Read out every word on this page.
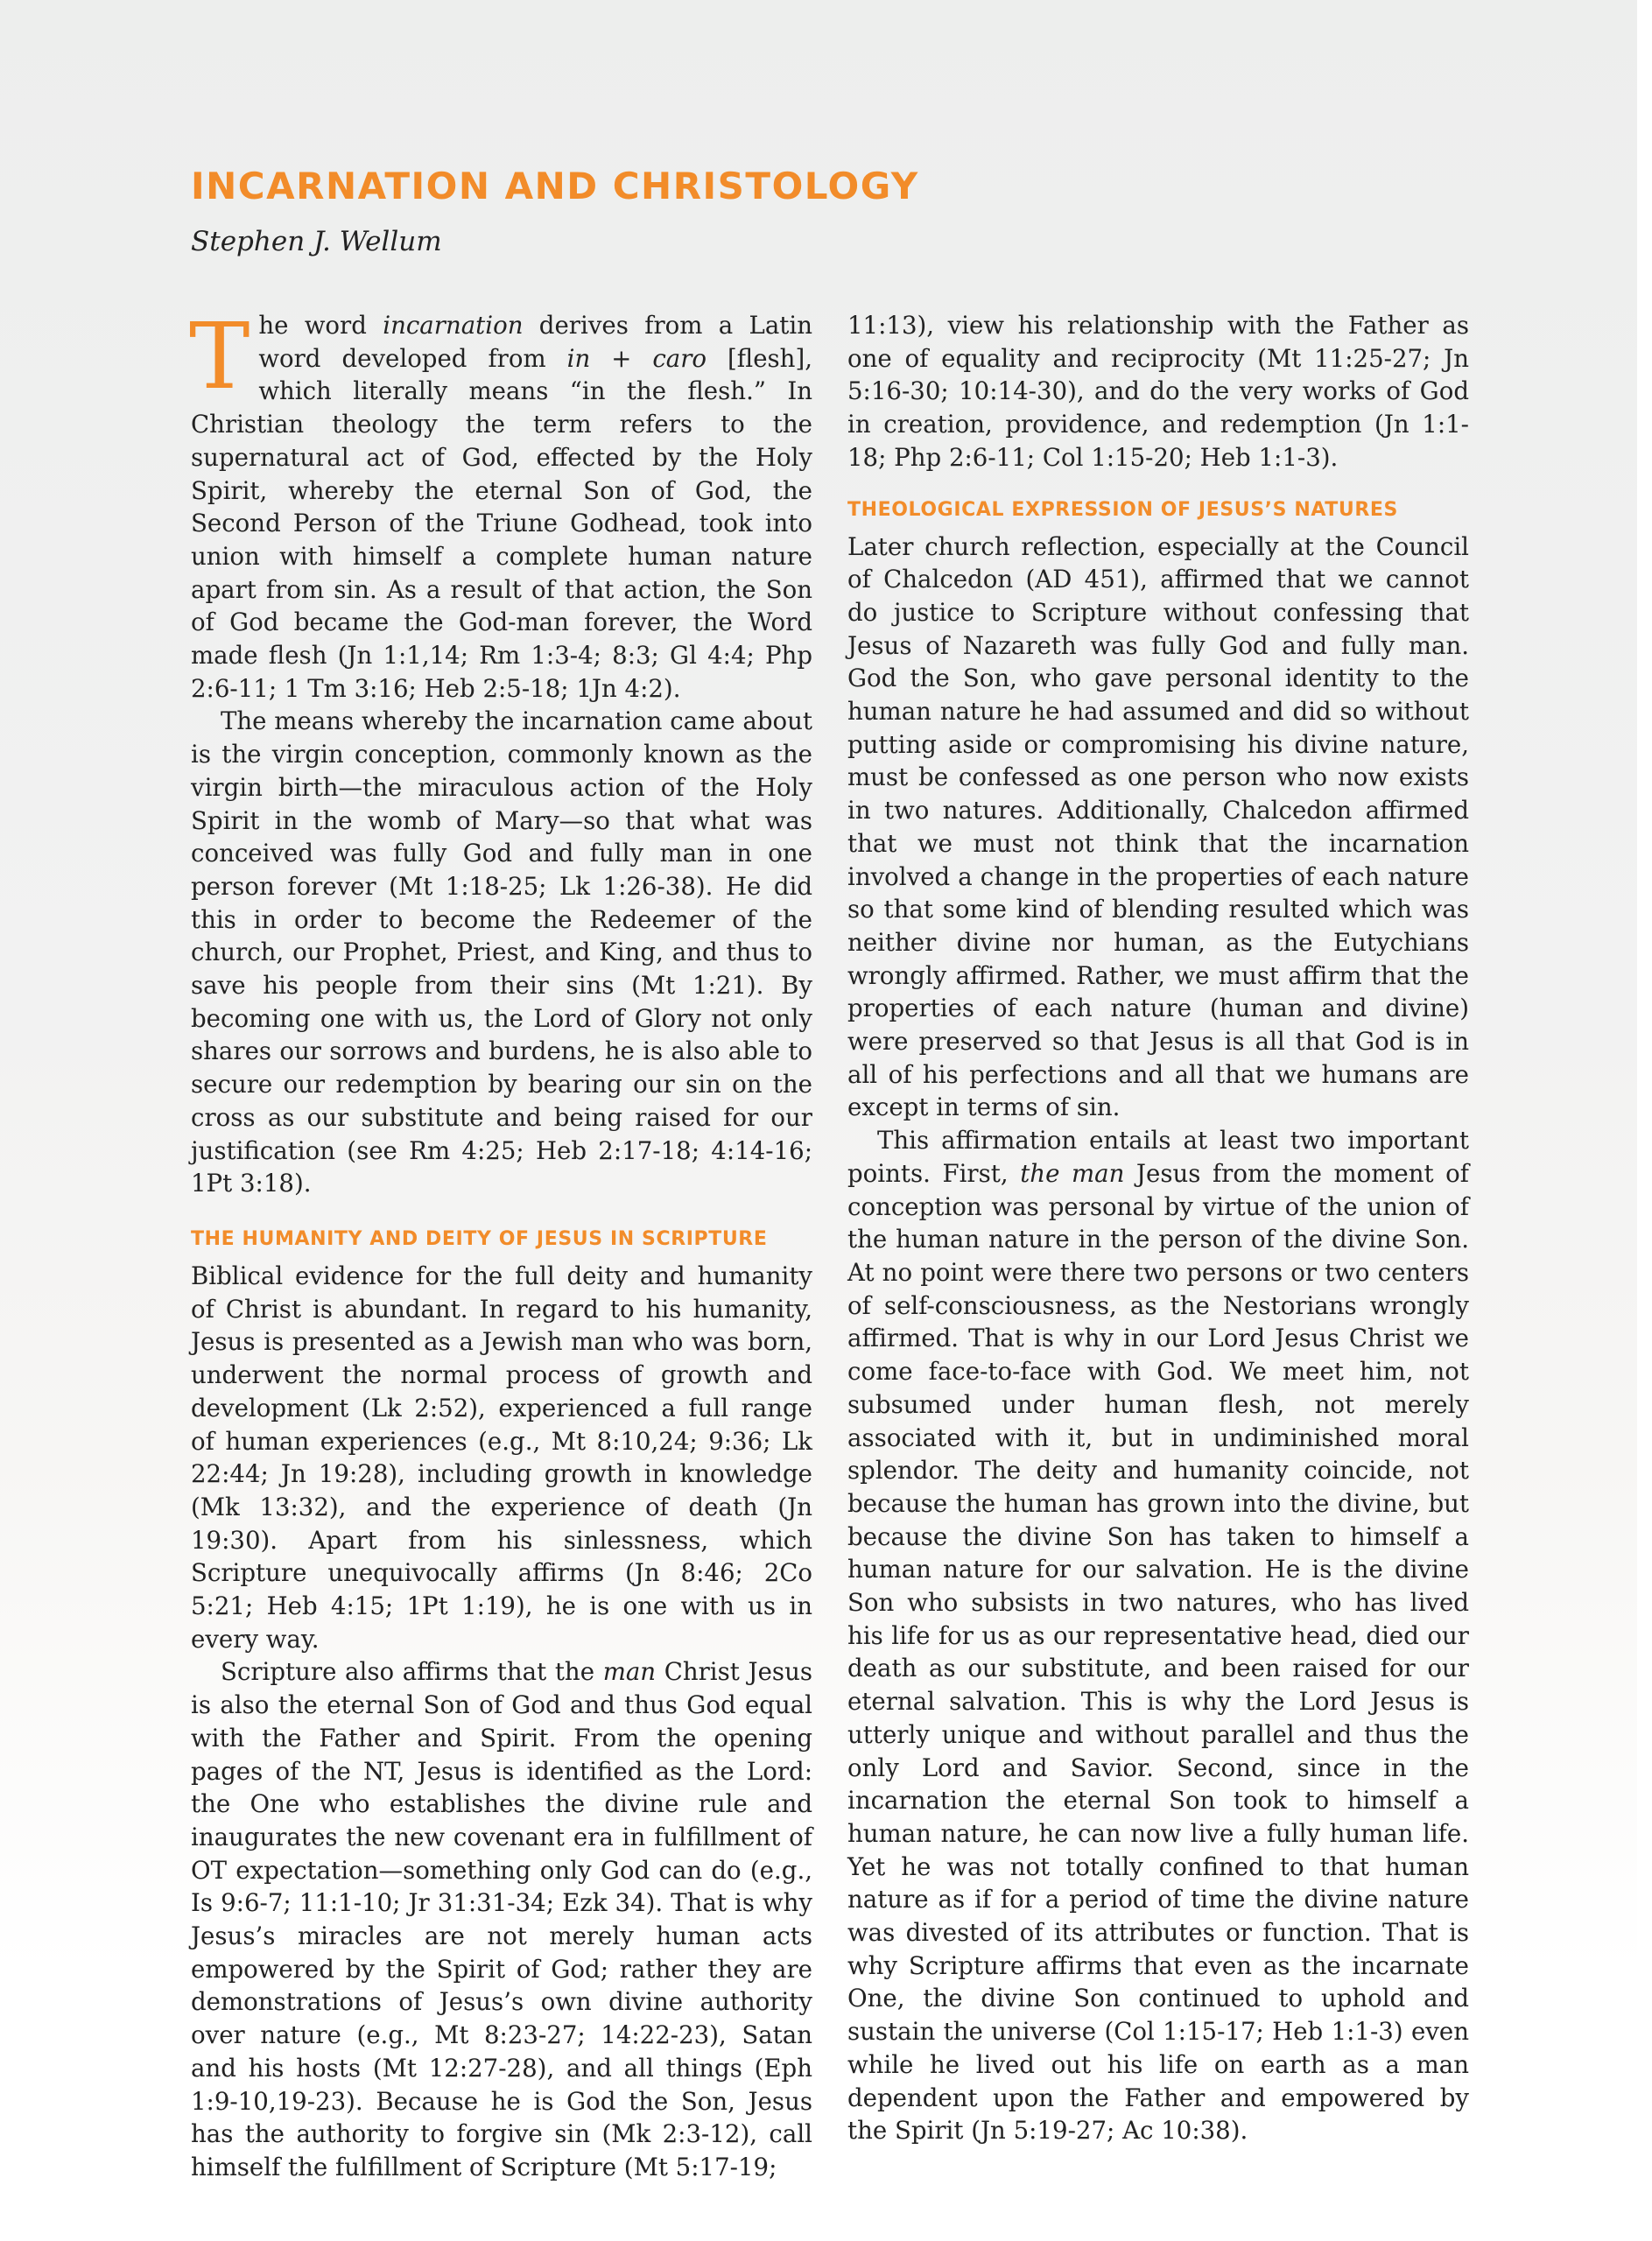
INCARNATION AND CHRISTOLOGY

Stephen J. Wellum

The word incarnation derives from a Latin word developed from in + caro [flesh], which literally means “in the flesh.” In Christian theology the term refers to the supernatural act of God, effected by the Holy Spirit, whereby the eternal Son of God, the Second Person of the Triune Godhead, took into union with himself a complete human nature apart from sin. As a result of that action, the Son of God became the God-man forever, the Word made flesh (Jn 1:1,14; Rm 1:3-4; 8:3; Gl 4:4; Php 2:6-11; 1 Tm 3:16; Heb 2:5-18; 1Jn 4:2).

The means whereby the incarnation came about is the virgin conception, commonly known as the virgin birth—the miraculous action of the Holy Spirit in the womb of Mary—so that what was conceived was fully God and fully man in one person forever (Mt 1:18-25; Lk 1:26-38). He did this in order to become the Redeemer of the church, our Prophet, Priest, and King, and thus to save his people from their sins (Mt 1:21). By becoming one with us, the Lord of Glory not only shares our sorrows and burdens, he is also able to secure our redemption by bearing our sin on the cross as our substitute and being raised for our justification (see Rm 4:25; Heb 2:17-18; 4:14-16; 1Pt 3:18).

THE HUMANITY AND DEITY OF JESUS IN SCRIPTURE

Biblical evidence for the full deity and humanity of Christ is abundant. In regard to his humanity, Jesus is presented as a Jewish man who was born, underwent the normal process of growth and development (Lk 2:52), experienced a full range of human experiences (e.g., Mt 8:10,24; 9:36; Lk 22:44; Jn 19:28), including growth in knowledge (Mk 13:32), and the experience of death (Jn 19:30). Apart from his sinlessness, which Scripture unequivocally affirms (Jn 8:46; 2Co 5:21; Heb 4:15; 1Pt 1:19), he is one with us in every way.

Scripture also affirms that the man Christ Jesus is also the eternal Son of God and thus God equal with the Father and Spirit. From the opening pages of the NT, Jesus is identified as the Lord: the One who establishes the divine rule and inaugurates the new covenant era in fulfillment of OT expectation—something only God can do (e.g., Is 9:6-7; 11:1-10; Jr 31:31-34; Ezk 34). That is why Jesus’s miracles are not merely human acts empowered by the Spirit of God; rather they are demonstrations of Jesus’s own divine authority over nature (e.g., Mt 8:23-27; 14:22-23), Satan and his hosts (Mt 12:27-28), and all things (Eph 1:9-10,19-23). Because he is God the Son, Jesus has the authority to forgive sin (Mk 2:3-12), call himself the fulfillment of Scripture (Mt 5:17-19;

11:13), view his relationship with the Father as one of equality and reciprocity (Mt 11:25-27; Jn 5:16-30; 10:14-30), and do the very works of God in creation, providence, and redemption (Jn 1:1-18; Php 2:6-11; Col 1:15-20; Heb 1:1-3).

THEOLOGICAL EXPRESSION OF JESUS’S NATURES

Later church reflection, especially at the Council of Chalcedon (AD 451), affirmed that we cannot do justice to Scripture without confessing that Jesus of Nazareth was fully God and fully man. God the Son, who gave personal identity to the human nature he had assumed and did so without putting aside or compromising his divine nature, must be confessed as one person who now exists in two natures. Additionally, Chalcedon affirmed that we must not think that the incarnation involved a change in the properties of each nature so that some kind of blending resulted which was neither divine nor human, as the Eutychians wrongly affirmed. Rather, we must affirm that the properties of each nature (human and divine) were preserved so that Jesus is all that God is in all of his perfections and all that we humans are except in terms of sin.

This affirmation entails at least two important points. First, the man Jesus from the moment of conception was personal by virtue of the union of the human nature in the person of the divine Son. At no point were there two persons or two centers of self-consciousness, as the Nestorians wrongly affirmed. That is why in our Lord Jesus Christ we come face-to-face with God. We meet him, not subsumed under human flesh, not merely associated with it, but in undiminished moral splendor. The deity and humanity coincide, not because the human has grown into the divine, but because the divine Son has taken to himself a human nature for our salvation. He is the divine Son who subsists in two natures, who has lived his life for us as our representative head, died our death as our substitute, and been raised for our eternal salvation. This is why the Lord Jesus is utterly unique and without parallel and thus the only Lord and Savior. Second, since in the incarnation the eternal Son took to himself a human nature, he can now live a fully human life. Yet he was not totally confined to that human nature as if for a period of time the divine nature was divested of its attributes or function. That is why Scripture affirms that even as the incarnate One, the divine Son continued to uphold and sustain the universe (Col 1:15-17; Heb 1:1-3) even while he lived out his life on earth as a man dependent upon the Father and empowered by the Spirit (Jn 5:19-27; Ac 10:38).
